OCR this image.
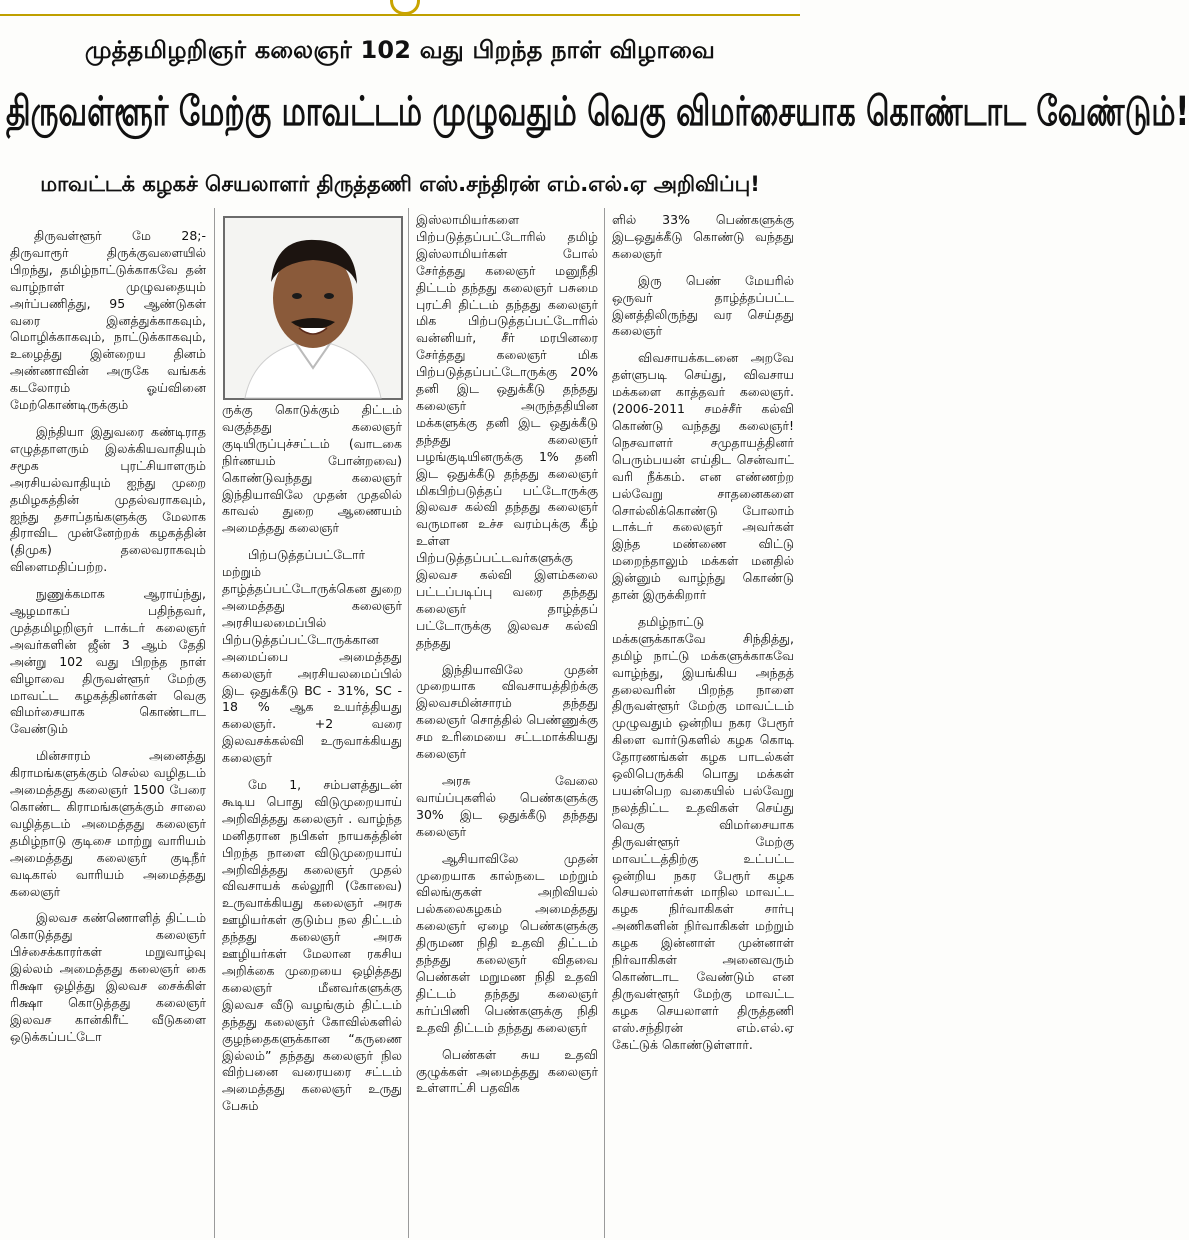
முத்தமிழறிஞர் கலைஞர் 102 வது பிறந்த நாள் விழாவை
திருவள்ளூர் மேற்கு மாவட்டம் முழுவதும் வெகு விமர்சையாக கொண்டாட வேண்டும்!
மாவட்டக் கழகச் செயலாளர் திருத்தணி எஸ்.சந்திரன் எம்.எல்.ஏ அறிவிப்பு!

திருவள்ளூர் மே 28;- திருவாரூர் திருக்குவளையில் பிறந்து, தமிழ்நாட்டுக்காகவே தன் வாழ்நாள் முழுவதையும் அர்ப்பணித்து, 95 ஆண்டுகள் வரை இனத்துக்காகவும், மொழிக்காகவும், நாட்டுக்காகவும், உழைத்து இன்றைய தினம் அண்ணாவின் அருகே வங்கக் கடலோரம் ஓய்வினை மேற்கொண்டிருக்கும்

இந்தியா இதுவரை கண்டிராத எழுத்தாளரும் இலக்கியவாதியும் சமூக புரட்சியாளரும் அரசியல்வாதியும் ஐந்து முறை தமிழகத்தின் முதல்வராகவும், ஐந்து தசாப்தங்களுக்கு மேலாக திராவிட முன்னேற்றக் கழகத்தின் (திமுக) தலைவராகவும் விளைமதிப்பற்ற.

நுணுக்கமாக ஆராய்ந்து, ஆழமாகப் பதிந்தவர், முத்தமிழறிஞர் டாக்டர் கலைஞர் அவர்களின் ஜீன் 3 ஆம் தேதி அன்று 102 வது பிறந்த நாள் விழாவை திருவள்ளூர் மேற்கு மாவட்ட கழகத்தினர்கள் வெகு விமர்சையாக கொண்டாட வேண்டும்

மின்சாரம் அனைத்து கிராமங்களுக்கும் செல்ல வழிதடம் அமைத்தது கலைஞர் 1500 பேரை கொண்ட கிராமங்களுக்கும் சாலை வழித்தடம் அமைத்தது கலைஞர் தமிழ்நாடு குடிசை மாற்று வாரியம் அமைத்தது கலைஞர் குடிநீர் வடிகால் வாரியம் அமைத்தது கலைஞர்

இலவச கண்ணொளித் திட்டம் கொடுத்தது கலைஞர் பிச்சைக்காரர்கள் மறுவாழ்வு இல்லம் அமைத்தது கலைஞர் கை ரிக்ஷா ஒழித்து இலவச சைக்கிள் ரிக்ஷா கொடுத்தது கலைஞர் இலவச கான்கிரீட் வீடுகளை ஒடுக்கப்பட்டோ

ருக்கு கொடுக்கும் திட்டம் வகுத்தது கலைஞர் குடியிருப்புச்சட்டம் (வாடகை நிர்ணயம் போன்றவை) கொண்டுவந்தது கலைஞர் இந்தியாவிலே முதன் முதலில் காவல் துறை ஆணையம் அமைத்தது கலைஞர்

பிற்படுத்தப்பட்டோர் மற்றும் தாழ்த்தப்பட்டோருக்கென துறை அமைத்தது கலைஞர் அரசியலமைப்பில் பிற்படுத்தப்பட்டோருக்கான அமைப்பை அமைத்தது கலைஞர் அரசியலமைப்பில் இட ஒதுக்கீடு BC - 31%, SC - 18 % ஆக உயர்த்தியது கலைஞர். +2 வரை இலவசக்கல்வி உருவாக்கியது கலைஞர்

மே 1, சம்பளத்துடன் கூடிய பொது விடுமுறையாய் அறிவித்தது கலைஞர் . வாழ்ந்த மனிதரான நபிகள் நாயகத்தின் பிறந்த நாளை விடுமுறையாய் அறிவித்தது கலைஞர் முதல் விவசாயக் கல்லூரி (கோவை) உருவாக்கியது கலைஞர் அரசு ஊழியர்கள் குடும்ப நல திட்டம் தந்தது கலைஞர் அரசு ஊழியர்கள் மேலான ரகசிய அறிக்கை முறையை ஒழித்தது கலைஞர் மீனவர்களுக்கு இலவச வீடு வழங்கும் திட்டம் தந்தது கலைஞர் கோவில்களில் குழந்தைகளுக்கான “கருணை இல்லம்” தந்தது கலைஞர் நில விற்பனை வரையரை சட்டம் அமைத்தது கலைஞர் உருது பேசும்

இஸ்லாமியர்களை பிற்படுத்தப்பட்டோரில் தமிழ் இஸ்லாமியர்கள் போல் சேர்த்தது கலைஞர் மனுநீதி திட்டம் தந்தது கலைஞர் பசுமை புரட்சி திட்டம் தந்தது கலைஞர் மிக பிற்படுத்தப்பட்டோரில் வன்னியர், சீர் மரபினரை சேர்த்தது கலைஞர் மிக பிற்படுத்தப்பட்டோருக்கு 20% தனி இட ஒதுக்கீடு தந்தது கலைஞர் அருந்ததியின மக்களுக்கு தனி இட ஒதுக்கீடு தந்தது கலைஞர் பழங்குடியினருக்கு 1% தனி இட ஒதுக்கீடு தந்தது கலைஞர் மிகபிற்படுத்தப் பட்டோருக்கு இலவச கல்வி தந்தது கலைஞர் வருமான உச்ச வரம்புக்கு கீழ் உள்ள பிற்படுத்தப்பட்டவர்களுக்கு இலவச கல்வி இளம்கலை பட்டப்படிப்பு வரை தந்தது கலைஞர் தாழ்த்தப் பட்டோருக்கு இலவச கல்வி தந்தது

இந்தியாவிலே முதன் முறையாக விவசாயத்திற்க்கு இலவசமின்சாரம் தந்தது கலைஞர் சொத்தில் பெண்ணுக்கு சம உரிமையை சட்டமாக்கியது கலைஞர்

அரசு வேலை வாய்ப்புகளில் பெண்களுக்கு 30% இட ஒதுக்கீடு தந்தது கலைஞர்

ஆசியாவிலே முதன் முறையாக கால்நடை மற்றும் விலங்குகள் அறிவியல் பல்கலைகழகம் அமைத்தது கலைஞர் ஏழை பெண்களுக்கு திருமண நிதி உதவி திட்டம் தந்தது கலைஞர் விதவை பெண்கள் மறுமண நிதி உதவி திட்டம் தந்தது கலைஞர் கர்ப்பிணி பெண்களுக்கு நிதி உதவி திட்டம் தந்தது கலைஞர்

பெண்கள் சுய உதவி குழுக்கள் அமைத்தது கலைஞர் உள்ளாட்சி பதவிக

ளில் 33% பெண்களுக்கு இடஒதுக்கீடு கொண்டு வந்தது கலைஞர்

இரு பெண் மேயரில் ஒருவர் தாழ்த்தப்பட்ட இனத்திலிருந்து வர செய்தது கலைஞர்

விவசாயக்கடனை அறவே தள்ளுபடி செய்து, விவசாய மக்களை காத்தவர் கலைஞர். (2006-2011 சமச்சீர் கல்வி கொண்டு வந்தது கலைஞர்! நெசவாளர் சமுதாயத்தினர் பெரும்பயன் எய்திட சென்வாட் வரி நீக்கம். என எண்ணற்ற பல்வேறு சாதனைகளை சொல்லிக்கொண்டு போலாம் டாக்டர் கலைஞர் அவர்கள் இந்த மண்ணை விட்டு மறைந்தாலும் மக்கள் மனதில் இன்னும் வாழ்ந்து கொண்டு தான் இருக்கிறார்

தமிழ்நாட்டு மக்களுக்காகவே சிந்தித்து, தமிழ் நாட்டு மக்களுக்காகவே வாழ்ந்து, இயங்கிய அந்தத் தலைவரின் பிறந்த நாளை திருவள்ளூர் மேற்கு மாவட்டம் முழுவதும் ஒன்றிய நகர பேரூர் கிளை வார்டுகளில் கழக கொடி தோரணங்கள் கழக பாடல்கள் ஒலிபெருக்கி பொது மக்கள் பயன்பெற வகையில் பல்வேறு நலத்திட்ட உதவிகள் செய்து வெகு விமர்சையாக திருவள்ளூர் மேற்கு மாவட்டத்திற்கு உட்பட்ட ஒன்றிய நகர பேரூர் கழக செயலாளர்கள் மாநில மாவட்ட கழக நிர்வாகிகள் சார்பு அணிகளின் நிர்வாகிகள் மற்றும் கழக இன்னாள் முன்னாள் நிர்வாகிகள் அனைவரும் கொண்டாட வேண்டும் என திருவள்ளூர் மேற்கு மாவட்ட கழக செயலாளர் திருத்தணி எஸ்.சந்திரன் எம்.எல்.ஏ கேட்டுக் கொண்டுள்ளார்.
